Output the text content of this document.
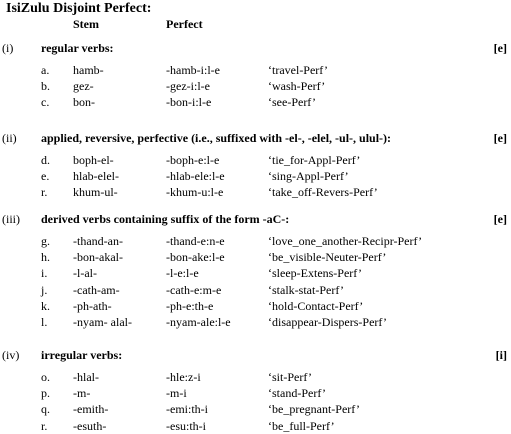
IsiZulu Disjoint Perfect:
Stem	Perfect
(i) regular verbs:	[e]
a. hamb-	-hamb-i:l-e	‘travel-Perf’
b. gez-	-gez-i:l-e	‘wash-Perf’
c. bon-	-bon-i:l-e	‘see-Perf’
(ii) applied, reversive, perfective (i.e., suffixed with -el-, -elel, -ul-, ulul-):	[e]
d. boph-el-	-boph-e:l-e	‘tie_for-Appl-Perf’
e. hlab-elel-	-hlab-ele:l-e	‘sing-Appl-Perf’
r. khum-ul-	-khum-u:l-e	‘take_off-Revers-Perf’
(iii) derived verbs containing suffix of the form -aC-:	[e]
g. -thand-an-	-thand-e:n-e	‘love_one_another-Recipr-Perf’
h. -bon-akal-	-bon-ake:l-e	‘be_visible-Neuter-Perf’
i. -l-al-	-l-e:l-e	‘sleep-Extens-Perf’
j. -cath-am-	-cath-e:m-e	‘stalk-stat-Perf’
k. -ph-ath-	-ph-e:th-e	‘hold-Contact-Perf’
l. -nyam- alal-	-nyam-ale:l-e	‘disappear-Dispers-Perf’
(iv) irregular verbs:	[i]
o. -hlal-	-hle:z-i	‘sit-Perf’
p. -m-	-m-i	‘stand-Perf’
q. -emith-	-emi:th-i	‘be_pregnant-Perf’
r. -esuth-	-esu:th-i	‘be_full-Perf’
